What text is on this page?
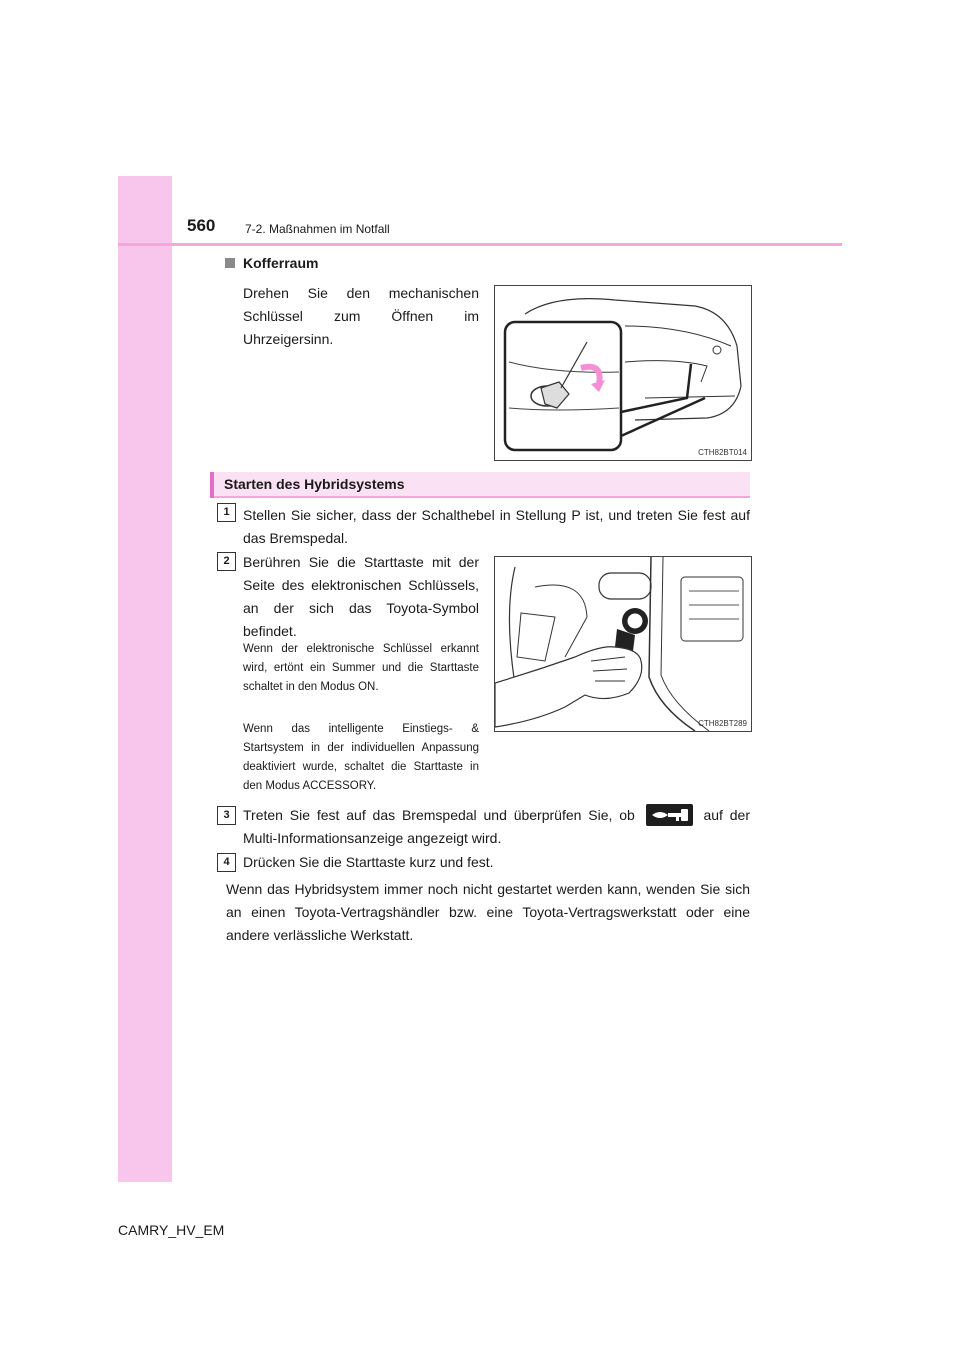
560 7-2. Maßnahmen im Notfall
Kofferraum
Drehen Sie den mechanischen Schlüssel zum Öffnen im Uhrzeigersinn.
CTH82BT014
Starten des Hybridsystems
1 Stellen Sie sicher, dass der Schalthebel in Stellung P ist, und treten Sie fest auf das Bremspedal.
2 Berühren Sie die Starttaste mit der Seite des elektronischen Schlüssels, an der sich das Toyota-Symbol befindet.
Wenn der elektronische Schlüssel erkannt wird, ertönt ein Summer und die Starttaste schaltet in den Modus ON.
Wenn das intelligente Einstiegs- & Startsystem in der individuellen Anpassung deaktiviert wurde, schaltet die Starttaste in den Modus ACCESSORY.
CTH82BT289
3 Treten Sie fest auf das Bremspedal und überprüfen Sie, ob	auf der Multi-Informationsanzeige angezeigt wird.
4 Drücken Sie die Starttaste kurz und fest.
Wenn das Hybridsystem immer noch nicht gestartet werden kann, wenden Sie sich an einen Toyota-Vertragshändler bzw. eine Toyota-Vertragswerkstatt oder eine andere verlässliche Werkstatt.
CAMRY_HV_EM
